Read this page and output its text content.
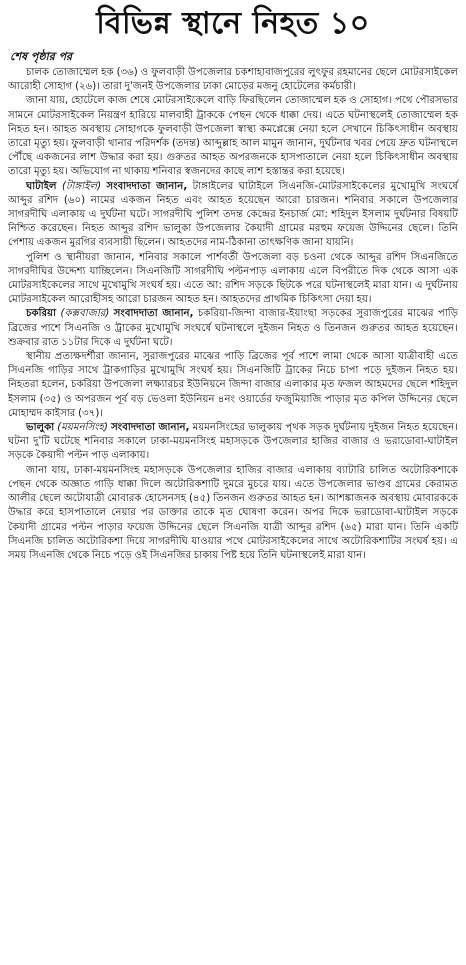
বিভিন্ন স্থানে নিহত ১০
শেষ পৃষ্ঠার পর

চালক তোজাম্মেল হক (৩৬) ও ফুলবাড়ী উপজেলার চকশাহাবাজপুরের লুৎফুর রহমানের ছেলে মোটরসাইকেল আরোহী সোহাগ (২৬)। তারা দু'জনই উপজেলার ঢাকা মোড়ের মজনু হোটেলের কর্মচারী।

জানা যায়, হোটেলে কাজ শেষে মোটরসাইকেলে বাড়ি ফিরছিলেন তোজাম্মেল হক ও সোহাগ। পথে পৌরসভার সামনে মোটরসাইকেল নিয়ন্ত্রণ হারিয়ে মালবাহী ট্রাককে পেছন থেকে ধাক্কা দেয়। এতে ঘটনাস্থলেই তোজাম্মেল হক নিহত হন। আহত অবস্থায় সোহাগকে ফুলবাড়ী উপজেলা স্বাস্থ্য কমপ্লেক্সে নেয়া হলে সেখানে চিকিৎসাধীন অবস্থায় তারো মৃত্যু হয়। ফুলবাড়ী থানার পরিদর্শক (তদন্ত) আব্দুল্লাহ আল মামুন জানান, দুর্ঘটনার খবর পেয়ে দ্রুত ঘটনাস্থলে পৌঁছে একজনের লাশ উদ্ধার করা হয়। গুরুতর আহত অপরজনকে হাসপাতালে নেয়া হলে চিকিৎসাধীন অবস্থায় তারো মৃত্যু হয়। অভিযোগ না থাকায় শনিবার স্বজনদের কাছে লাশ হস্তান্তর করা হয়েছে।

ঘাটাইল (টাঙ্গাইল) সংবাদদাতা জানান, টাঙ্গাইলের ঘাটাইলে সিএনজি-মোটরসাইকেলের মুখোমুখি সংঘর্ষে আব্দুর রশিদ (৬০) নামের একজন নিহত এবং আহত হয়েছেন আরো চারজন। শনিবার সকালে উপজেলার সাগরদীঘি এলাকায় এ দুর্ঘটনা ঘটে। সাগরদীঘি পুলিশ তদন্ত কেন্দ্রের ইনচার্জ মো: শহিদুল ইসলাম দুর্ঘটনার বিষয়টি নিশ্চিত করেছেন। নিহত আব্দুর রশিদ ভালুকা উপজেলার কৈয়াদী গ্রামের মরহুম ফয়েজ উদ্দিনের ছেলে। তিনি পেশায় একজন মুরগির ব্যবসায়ী ছিলেন। আহতদের নাম-ঠিকানা তাৎক্ষণিক জানা যায়নি।

পুলিশ ও স্থানীয়রা জানান, শনিবার সকালে পার্শবর্তী উপজেলা বড় চওনা থেকে আব্দুর রশিদ সিএনজিতে সাগরদীঘির উদ্দেশ্য যাচ্ছিলেন। সিএনজিটি সাগরদীঘি পল্টনপাড় এলাকায় এলে বিপরীতে দিক থেকে আসা এক মোটরসাইকেলের সাথে মুখোমুখি সংঘর্ষ হয়। এতে আ: রশিদ সড়কে ছিটকে পরে ঘটনাস্থলেই মারা যান। এ দুর্ঘটনায় মোটরসাইকেল আরোহীসহ আরো চারজন আহত হন। আহতদের প্রাথমিক চিকিৎসা দেয়া হয়।

চকরিয়া (কক্সবাজার) সংবাদদাতা জানান, চকরিয়া-জিন্দা বাজার-ইয়াংছা সড়কের সুরাজপুরের মাঝের পাড়ি ব্রিজের পাশে সিএনজি ও ট্রাকের মুখোমুখি সংঘর্ষে ঘটনাস্থলে দুইজন নিহত ও তিনজন গুরুতর আহত হয়েছেন। শুক্রবার রাত ১১টার দিকে এ দুর্ঘটনা ঘটে।

স্থানীয় প্রত্যক্ষদর্শীরা জানান, সুরাজপুরের মাঝের পাড়ি ব্রিজের পূর্ব পাশে লামা থেকে আসা যাত্রীবাহী এতে সিএনজি গাড়ির সাথে ট্রাকগাড়ির মুখোমুখি সংঘর্ষ হয়। সিএনজিটি ট্রাকের নিচে চাপা পড়ে দুইজন নিহত হয়। নিহতরা হলেন, চকরিয়া উপজেলা লক্ষ্যারচর ইউনিয়নে জিন্দা বাজার এলাকার মৃত ফজল আহমদের ছেলে শহিদুল ইসলাম (৩৫) ও অপরজন পূর্ব বড় ভেওলা ইউনিয়ন ৪নং ওয়ার্ডের ফজুমিয়াজি পাড়ার মৃত কপিল উদ্দিনের ছেলে মোহাম্মদ কাইসার (৩৭)।

ভালুকা (ময়মনসিংহ) সংবাদদাতা জানান, ময়মনসিংহের ভালুকায় পৃথক সড়ক দুর্ঘটনায় দুইজন নিহত হয়েছেন। ঘটনা দু'টি ঘটেছে শনিবার সকালে ঢাকা-ময়মনসিংহ মহাসড়কে উপজেলার হাজির বাজার ও ভরাডোবা-ঘাটাইল সড়কে কৈয়াদী পল্টন পাড় এলাকায়।

জানা যায়, ঢাকা-ময়মনসিংহ মহাসড়কে উপজেলার হাজির বাজার এলাকায় ব্যাটারি চালিত অটোরিকশাকে পেছন থেকে অজ্ঞাত গাড়ি ধাক্কা দিলে অটোরিকশাটি দুমরে মুচরে যায়। এতে উপজেলার ভাণ্ডব গ্রামের কেরামত আলীর ছেলে অটোযাত্রী মোবারক হোসেনসহ (৪৫) তিনজন গুরুতর আহত হন। আশঙ্কাজনক অবস্থায় মোবারককে উদ্ধার করে হাসপাতালে নেয়ার পর ডাক্তার তাকে মৃত ঘোষণা করেন। অপর দিকে ভরাডোবা-ঘাটাইল সড়কে কৈয়াদী গ্রামের পল্টন পাড়ার ফয়েজ উদ্দিনের ছেলে সিএনজি যাত্রী আব্দুর রশিদ (৬৫) মারা যান। তিনি একটি সিএনজি চালিত অটোরিকশা দিয়ে সাগরদীঘি যাওয়ার পথে মোটরসাইকেলের সাথে অটোরিকশাটির সংঘর্ষ হয়। এ সময় সিএনজি থেকে নিচে পড়ে ওই সিএনজির চাকায় পিষ্ট হয়ে তিনি ঘটনাস্থলেই মারা যান।
